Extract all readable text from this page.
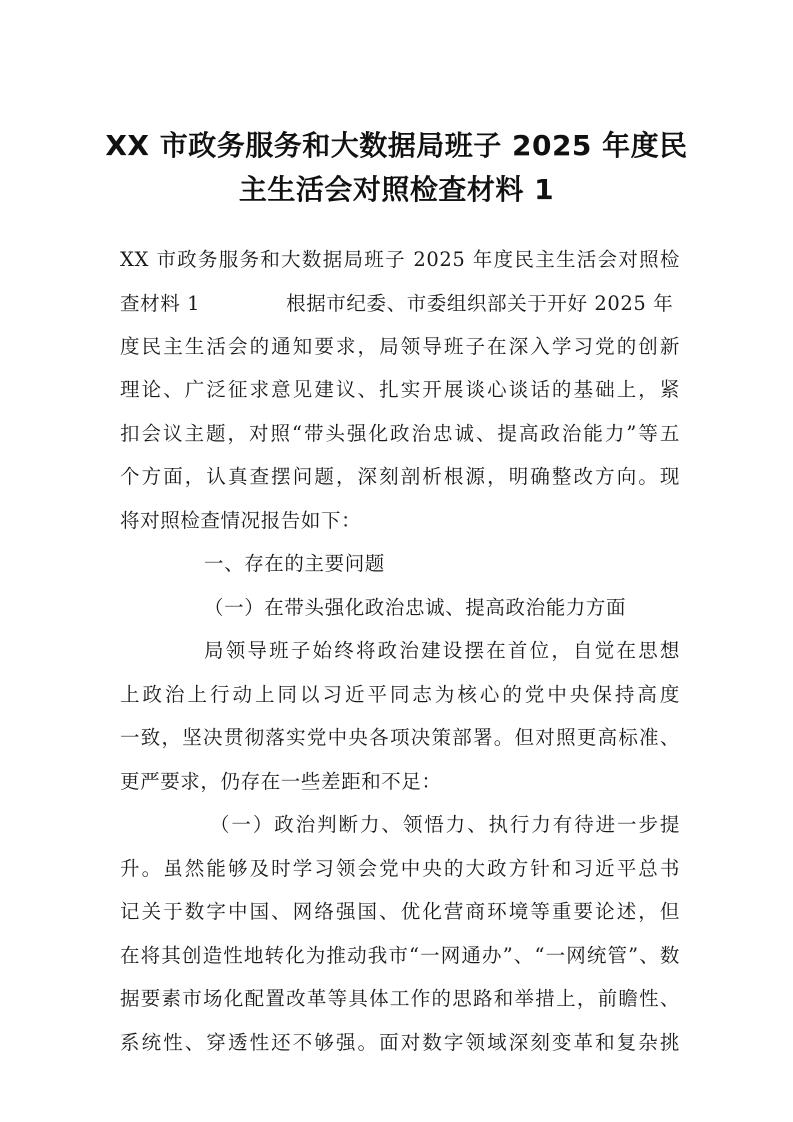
XX 市政务服务和大数据局班子 2025 年度民
主生活会对照检查材料 1
XX 市政务服务和大数据局班子 2025 年度民主生活会对照检
查材料 1	根据市纪委、市委组织部关于开好 2025 年
度民主生活会的通知要求，局领导班子在深入学习党的创新
理论、广泛征求意见建议、扎实开展谈心谈话的基础上，紧
扣会议主题，对照“带头强化政治忠诚、提高政治能力”等五
个方面，认真查摆问题，深刻剖析根源，明确整改方向。现
将对照检查情况报告如下：
一、存在的主要问题
（一）在带头强化政治忠诚、提高政治能力方面
局领导班子始终将政治建设摆在首位，自觉在思想
上政治上行动上同以习近平同志为核心的党中央保持高度
一致，坚决贯彻落实党中央各项决策部署。但对照更高标准、
更严要求，仍存在一些差距和不足：
（一）政治判断力、领悟力、执行力有待进一步提
升。虽然能够及时学习领会党中央的大政方针和习近平总书
记关于数字中国、网络强国、优化营商环境等重要论述，但
在将其创造性地转化为推动我市“一网通办”、“一网统管”、数
据要素市场化配置改革等具体工作的思路和举措上，前瞻性、
系统性、穿透性还不够强。面对数字领域深刻变革和复杂挑
